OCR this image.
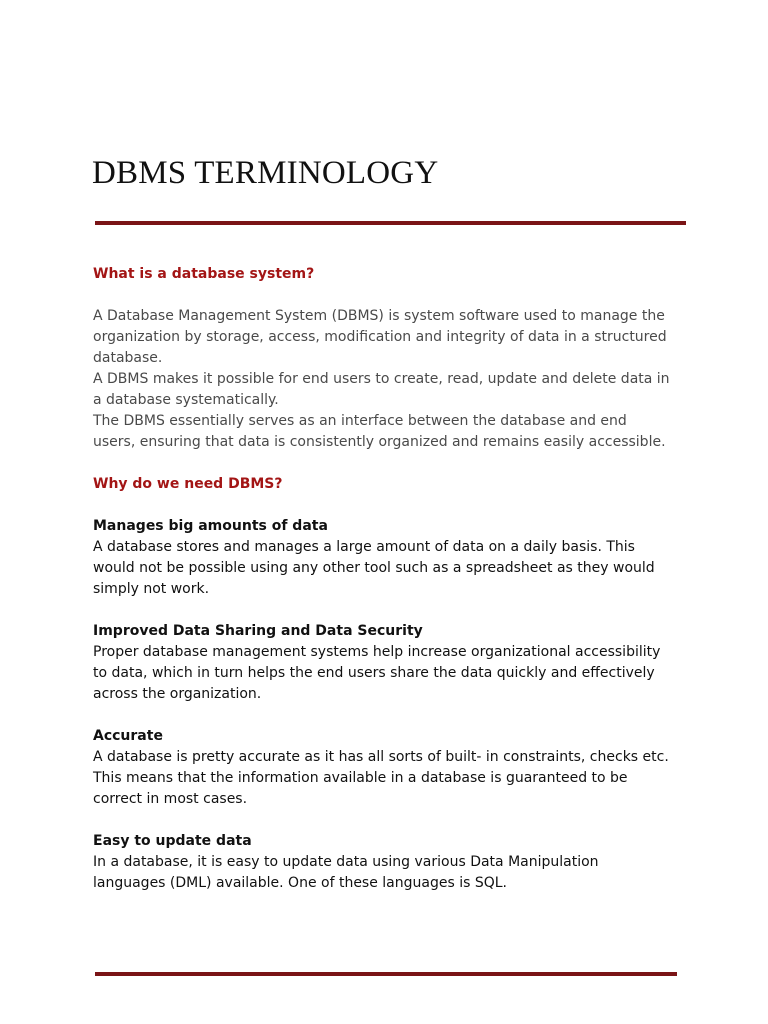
DBMS TERMINOLOGY

What is a database system?

A Database Management System (DBMS) is system software used to manage the organization by storage, access, modification and integrity of data in a structured database.
A DBMS makes it possible for end users to create, read, update and delete data in a database systematically.
The DBMS essentially serves as an interface between the database and end users, ensuring that data is consistently organized and remains easily accessible.

Why do we need DBMS?

Manages big amounts of data

A database stores and manages a large amount of data on a daily basis. This would not be possible using any other tool such as a spreadsheet as they would simply not work.

Improved Data Sharing and Data Security

Proper database management systems help increase organizational accessibility to data, which in turn helps the end users share the data quickly and effectively across the organization.

Accurate

A database is pretty accurate as it has all sorts of built- in constraints, checks etc. This means that the information available in a database is guaranteed to be correct in most cases.

Easy to update data

In a database, it is easy to update data using various Data Manipulation languages (DML) available. One of these languages is SQL.
